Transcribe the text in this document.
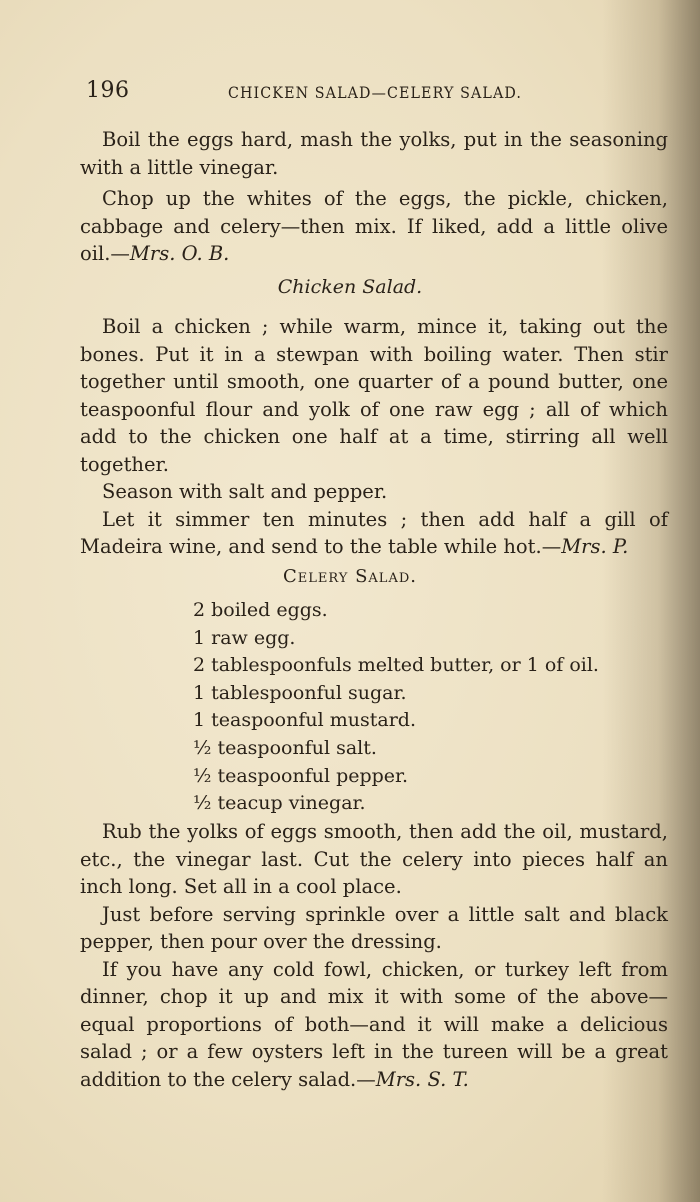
196	CHICKEN SALAD—CELERY SALAD.

Boil the eggs hard, mash the yolks, put in the seasoning with a little vinegar.

Chop up the whites of the eggs, the pickle, chicken, cabbage and celery—then mix. If liked, add a little olive oil.—Mrs. O. B.

Chicken Salad.

Boil a chicken ; while warm, mince it, taking out the bones. Put it in a stewpan with boiling water. Then stir together until smooth, one quarter of a pound butter, one teaspoonful flour and yolk of one raw egg ; all of which add to the chicken one half at a time, stirring all well together.

Season with salt and pepper.

Let it simmer ten minutes ; then add half a gill of Madeira wine, and send to the table while hot.—Mrs. P.

Celery Salad.
2 boiled eggs.
1 raw egg.
2 tablespoonfuls melted butter, or 1 of oil.
1 tablespoonful sugar.
1 teaspoonful mustard.
½ teaspoonful salt.
½ teaspoonful pepper.
½ teacup vinegar.

Rub the yolks of eggs smooth, then add the oil, mustard, etc., the vinegar last. Cut the celery into pieces half an inch long. Set all in a cool place.

Just before serving sprinkle over a little salt and black pepper, then pour over the dressing.

If you have any cold fowl, chicken, or turkey left from dinner, chop it up and mix it with some of the above—equal proportions of both—and it will make a delicious salad ; or a few oysters left in the tureen will be a great addition to the celery salad.—Mrs. S. T.
